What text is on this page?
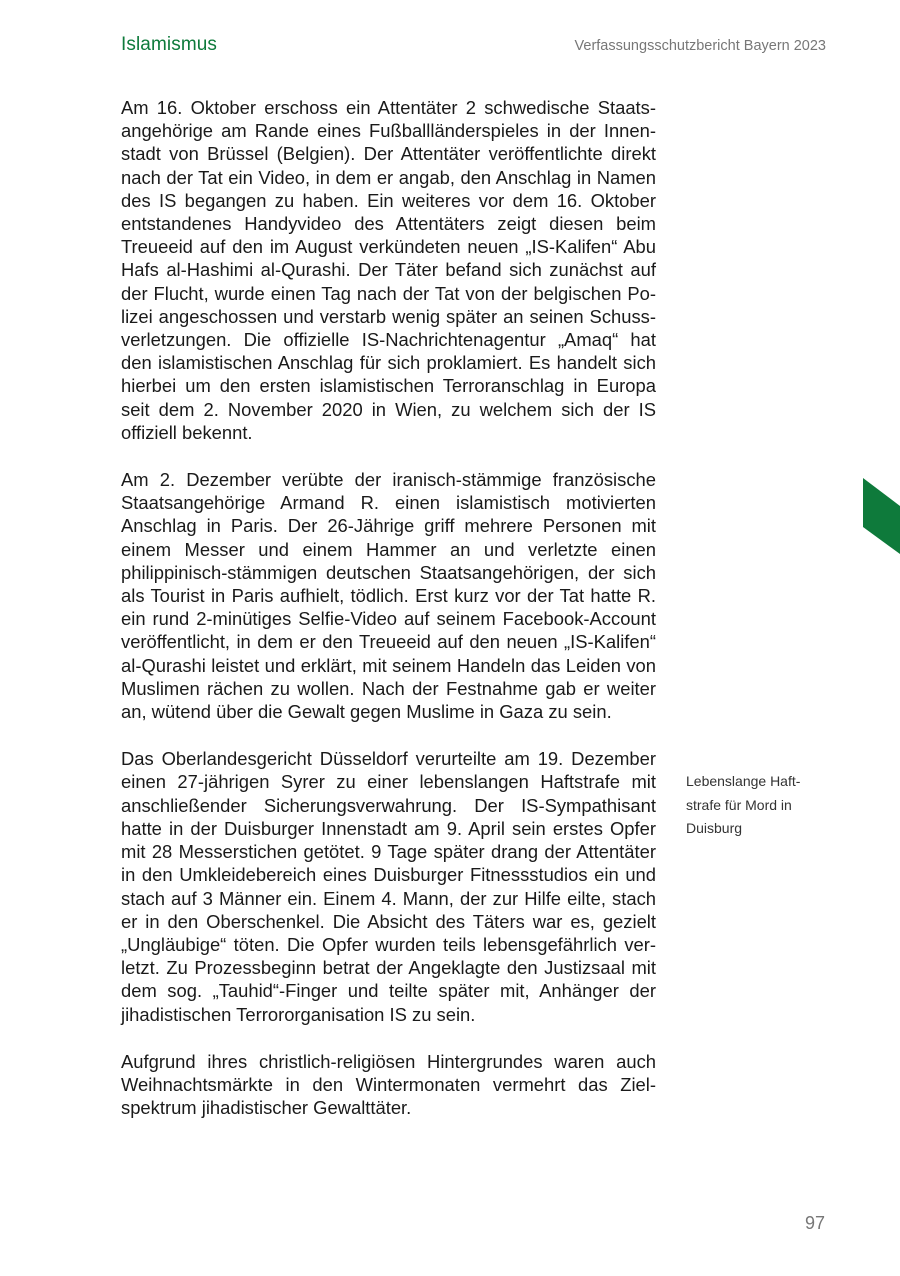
Islamismus	Verfassungsschutzbericht Bayern 2023

Am 16. Oktober erschoss ein Attentäter 2 schwedische Staatsangehörige am Rande eines Fußballländerspieles in der Innenstadt von Brüssel (Belgien). Der Attentäter veröffentlichte direkt nach der Tat ein Video, in dem er angab, den Anschlag in Namen des IS begangen zu haben. Ein weiteres vor dem 16. Oktober entstandenes Handyvideo des Attentäters zeigt diesen beim Treueeid auf den im August verkündeten neuen „IS-Kalifen“ Abu Hafs al-Hashimi al-Qurashi. Der Täter befand sich zunächst auf der Flucht, wurde einen Tag nach der Tat von der belgischen Polizei angeschossen und verstarb wenig später an seinen Schussverletzungen. Die offizielle IS-Nachrichtenagentur „Amaq“ hat den islamistischen Anschlag für sich proklamiert. Es handelt sich hierbei um den ersten islamistischen Terroranschlag in Europa seit dem 2. November 2020 in Wien, zu welchem sich der IS offiziell bekennt.

Am 2. Dezember verübte der iranisch-stämmige französische Staatsangehörige Armand R. einen islamistisch motivierten Anschlag in Paris. Der 26-Jährige griff mehrere Personen mit einem Messer und einem Hammer an und verletzte einen philippinisch-stämmigen deutschen Staatsangehörigen, der sich als Tourist in Paris aufhielt, tödlich. Erst kurz vor der Tat hatte R. ein rund 2-minütiges Selfie-Video auf seinem Facebook-Account veröffentlicht, in dem er den Treueeid auf den neuen „IS-Kalifen“ al-Qurashi leistet und erklärt, mit seinem Handeln das Leiden von Muslimen rächen zu wollen. Nach der Festnahme gab er weiter an, wütend über die Gewalt gegen Muslime in Gaza zu sein.

Das Oberlandesgericht Düsseldorf verurteilte am 19. Dezember einen 27-jährigen Syrer zu einer lebenslangen Haftstrafe mit anschließender Sicherungsverwahrung. Der IS-Sympathisant hatte in der Duisburger Innenstadt am 9. April sein erstes Opfer mit 28 Messerstichen getötet. 9 Tage später drang der Attentäter in den Umkleidebereich eines Duisburger Fitnessstudios ein und stach auf 3 Männer ein. Einem 4. Mann, der zur Hilfe eilte, stach er in den Oberschenkel. Die Absicht des Täters war es, gezielt „Ungläubige“ töten. Die Opfer wurden teils lebensgefährlich verletzt. Zu Prozessbeginn betrat der Angeklagte den Justizsaal mit dem sog. „Tauhid“-Finger und teilte später mit, Anhänger der jihadistischen Terrororganisation IS zu sein.

Aufgrund ihres christlich-religiösen Hintergrundes waren auch Weihnachtsmärkte in den Wintermonaten vermehrt das Zielspektrum jihadistischer Gewalttäter.

Lebenslange Haft-
strafe für Mord in
Duisburg
97
